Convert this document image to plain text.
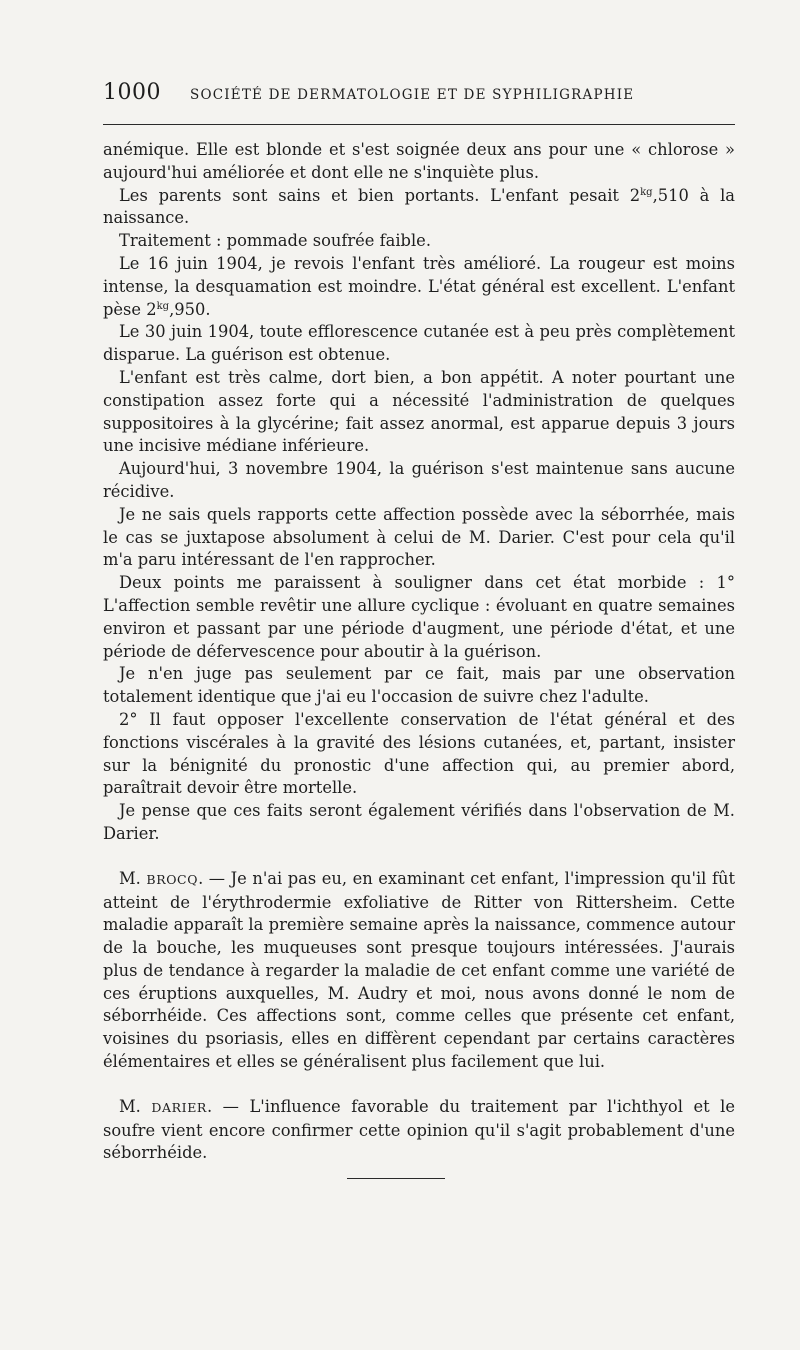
1000 SOCIÉTÉ DE DERMATOLOGIE ET DE SYPHILIGRAPHIE

anémique. Elle est blonde et s'est soignée deux ans pour une « chlorose » aujourd'hui améliorée et dont elle ne s'inquiète plus.

Les parents sont sains et bien portants. L'enfant pesait $2^{kg},510$ à la naissance.

Traitement : pommade soufrée faible.

Le 16 juin 1904, je revois l'enfant très amélioré. La rougeur est moins intense, la desquamation est moindre. L'état général est excellent. L'enfant pèse $2^{kg},950$.

Le 30 juin 1904, toute efflorescence cutanée est à peu près complètement disparue. La guérison est obtenue.

L'enfant est très calme, dort bien, a bon appétit. A noter pourtant une constipation assez forte qui a nécessité l'administration de quelques suppositoires à la glycérine; fait assez anormal, est apparue depuis 3 jours une incisive médiane inférieure.

Aujourd'hui, 3 novembre 1904, la guérison s'est maintenue sans aucune récidive.

Je ne sais quels rapports cette affection possède avec la séborrhée, mais le cas se juxtapose absolument à celui de M. Darier. C'est pour cela qu'il m'a paru intéressant de l'en rapprocher.

Deux points me paraissent à souligner dans cet état morbide : 1° L'affection semble revêtir une allure cyclique : évoluant en quatre semaines environ et passant par une période d'augment, une période d'état, et une période de défervescence pour aboutir à la guérison.

Je n'en juge pas seulement par ce fait, mais par une observation totalement identique que j'ai eu l'occasion de suivre chez l'adulte.

2° Il faut opposer l'excellente conservation de l'état général et des fonctions viscérales à la gravité des lésions cutanées, et, partant, insister sur la bénignité du pronostic d'une affection qui, au premier abord, paraîtrait devoir être mortelle.

Je pense que ces faits seront également vérifiés dans l'observation de M. Darier.

M. BROCQ. — Je n'ai pas eu, en examinant cet enfant, l'impression qu'il fût atteint de l'érythrodermie exfoliative de Ritter von Rittersheim. Cette maladie apparaît la première semaine après la naissance, commence autour de la bouche, les muqueuses sont presque toujours intéressées. J'aurais plus de tendance à regarder la maladie de cet enfant comme une variété de ces éruptions auxquelles, M. Audry et moi, nous avons donné le nom de séborrhéide. Ces affections sont, comme celles que présente cet enfant, voisines du psoriasis, elles en diffèrent cependant par certains caractères élémentaires et elles se généralisent plus facilement que lui.

M. DARIER. — L'influence favorable du traitement par l'ichthyol et le soufre vient encore confirmer cette opinion qu'il s'agit probablement d'une séborrhéide.
